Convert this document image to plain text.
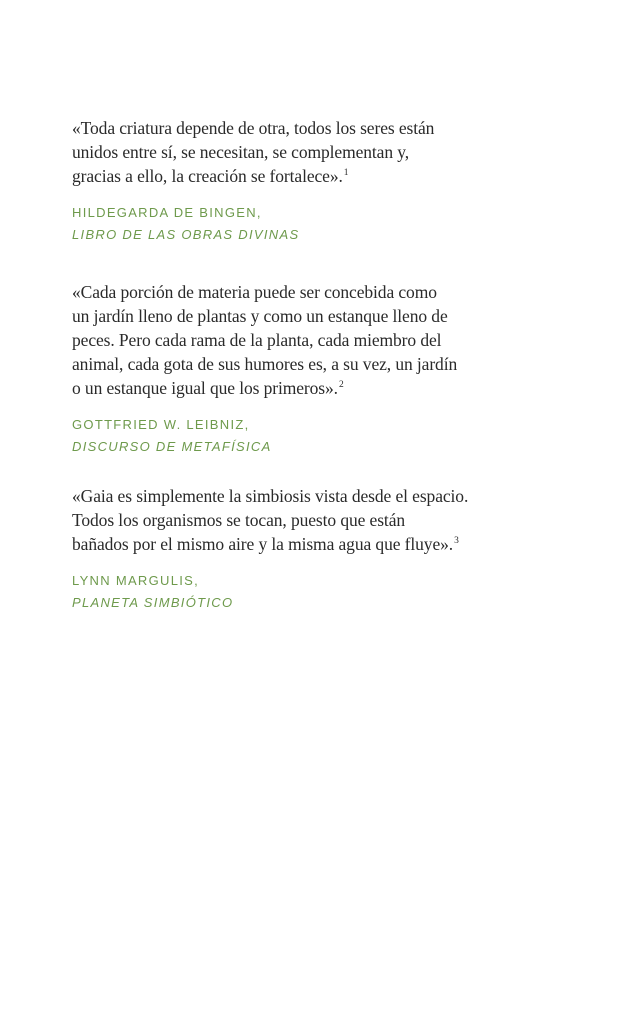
«Toda criatura depende de otra, todos los seres están
unidos entre sí, se necesitan, se complementan y,
gracias a ello, la creación se fortalece».$^1$

HILDEGARDA DE BINGEN,
LIBRO DE LAS OBRAS DIVINAS

«Cada porción de materia puede ser concebida como
un jardín lleno de plantas y como un estanque lleno de
peces. Pero cada rama de la planta, cada miembro del
animal, cada gota de sus humores es, a su vez, un jardín
o un estanque igual que los primeros».$^2$

GOTTFRIED W. LEIBNIZ,
DISCURSO DE METAFÍSICA

«Gaia es simplemente la simbiosis vista desde el espacio.
Todos los organismos se tocan, puesto que están
bañados por el mismo aire y la misma agua que fluye».$^3$

LYNN MARGULIS,
PLANETA SIMBIÓTICO
